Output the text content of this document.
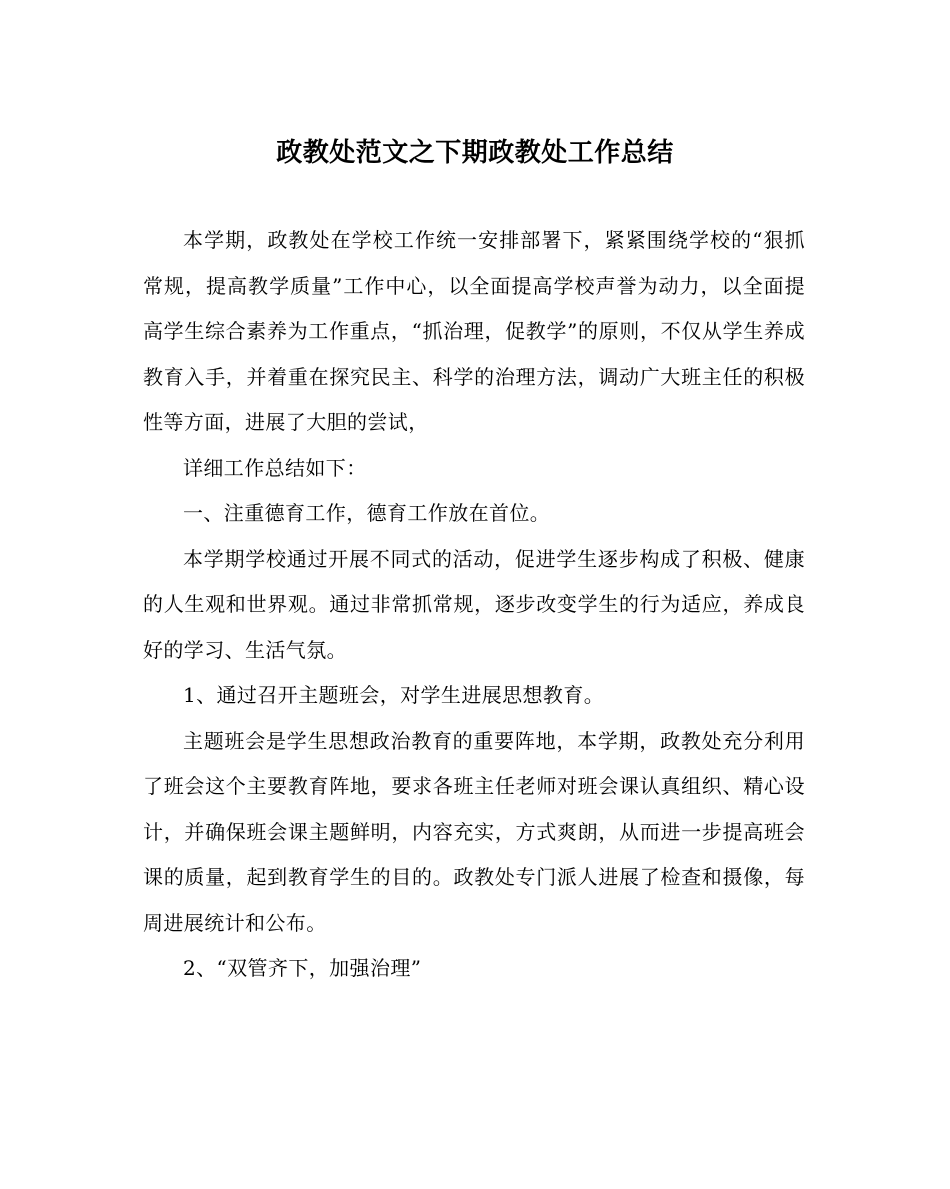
政教处范文之下期政教处工作总结

本学期，政教处在学校工作统一安排部署下，紧紧围绕学校的“狠抓常规，提高教学质量”工作中心，以全面提高学校声誉为动力，以全面提高学生综合素养为工作重点，“抓治理，促教学”的原则，不仅从学生养成教育入手，并着重在探究民主、科学的治理方法，调动广大班主任的积极性等方面，进展了大胆的尝试，

详细工作总结如下：

一、注重德育工作，德育工作放在首位。

本学期学校通过开展不同式的活动，促进学生逐步构成了积极、健康的人生观和世界观。通过非常抓常规，逐步改变学生的行为适应，养成良好的学习、生活气氛。

1、通过召开主题班会，对学生进展思想教育。

主题班会是学生思想政治教育的重要阵地，本学期，政教处充分利用了班会这个主要教育阵地，要求各班主任老师对班会课认真组织、精心设计，并确保班会课主题鲜明，内容充实，方式爽朗，从而进一步提高班会课的质量，起到教育学生的目的。政教处专门派人进展了检查和摄像，每周进展统计和公布。

2、“双管齐下，加强治理”
